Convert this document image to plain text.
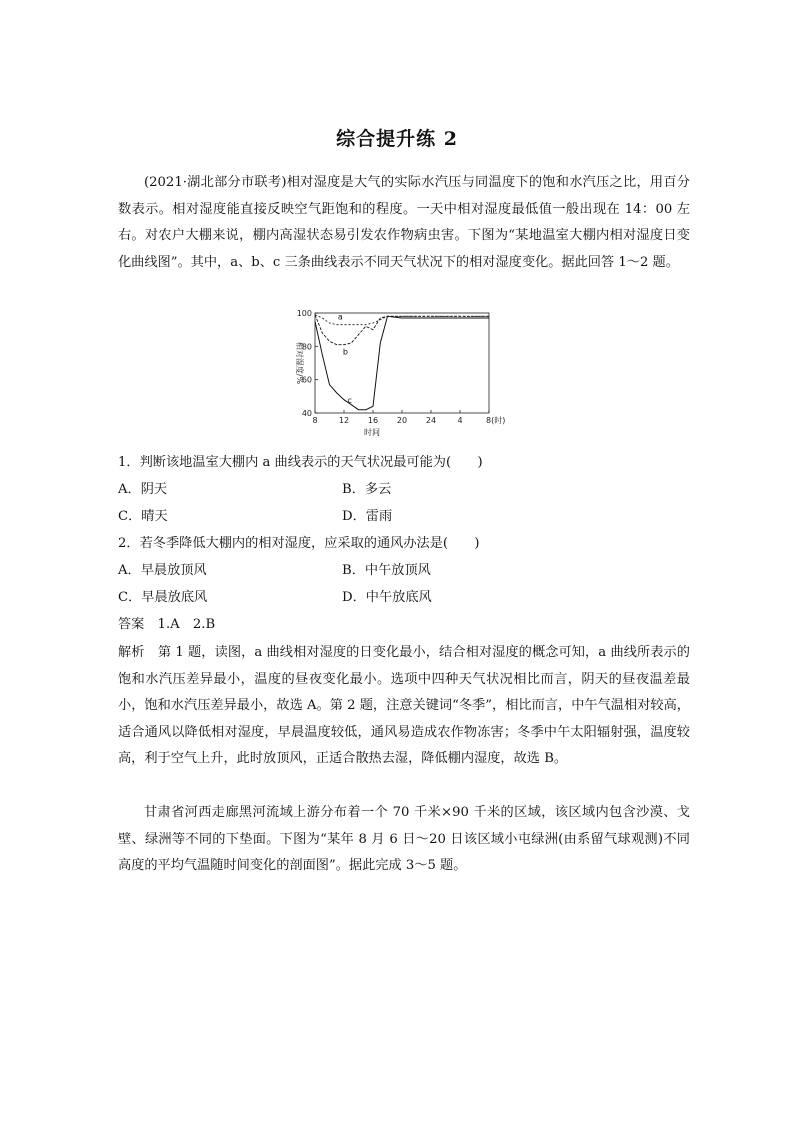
综合提升练 2
(2021·湖北部分市联考)相对湿度是大气的实际水汽压与同温度下的饱和水汽压之比，用百分数表示。相对湿度能直接反映空气距饱和的程度。一天中相对湿度最低值一般出现在 14：00 左右。对农户大棚来说，棚内高湿状态易引发农作物病虫害。下图为“某地温室大棚内相对湿度日变化曲线图”。其中，a、b、c 三条曲线表示不同天气状况下的相对湿度变化。据此回答 1～2 题。
40
60
80
100
8	12 16 20 24	4	8(时)
时间
相对湿度/%
a
b
c
1．判断该地温室大棚内 a 曲线表示的天气状况最可能为(　　)
A．阴天	B．多云
C．晴天	D．雷雨
2．若冬季降低大棚内的相对湿度，应采取的通风办法是(　　)
A．早晨放顶风	B．中午放顶风
C．早晨放底风	D．中午放底风
答案　1.A　2.B
解析　第 1 题，读图，a 曲线相对湿度的日变化最小，结合相对湿度的概念可知，a 曲线所表示的饱和水汽压差异最小，温度的昼夜变化最小。选项中四种天气状况相比而言，阴天的昼夜温差最小，饱和水汽压差异最小，故选 A。第 2 题，注意关键词“冬季”，相比而言，中午气温相对较高，适合通风以降低相对湿度，早晨温度较低，通风易造成农作物冻害；冬季中午太阳辐射强，温度较高，利于空气上升，此时放顶风，正适合散热去湿，降低棚内湿度，故选 B。
甘肃省河西走廊黑河流域上游分布着一个 70 千米×90 千米的区域，该区域内包含沙漠、戈壁、绿洲等不同的下垫面。下图为“某年 8 月 6 日～20 日该区域小屯绿洲(由系留气球观测)不同高度的平均气温随时间变化的剖面图”。据此完成 3～5 题。
